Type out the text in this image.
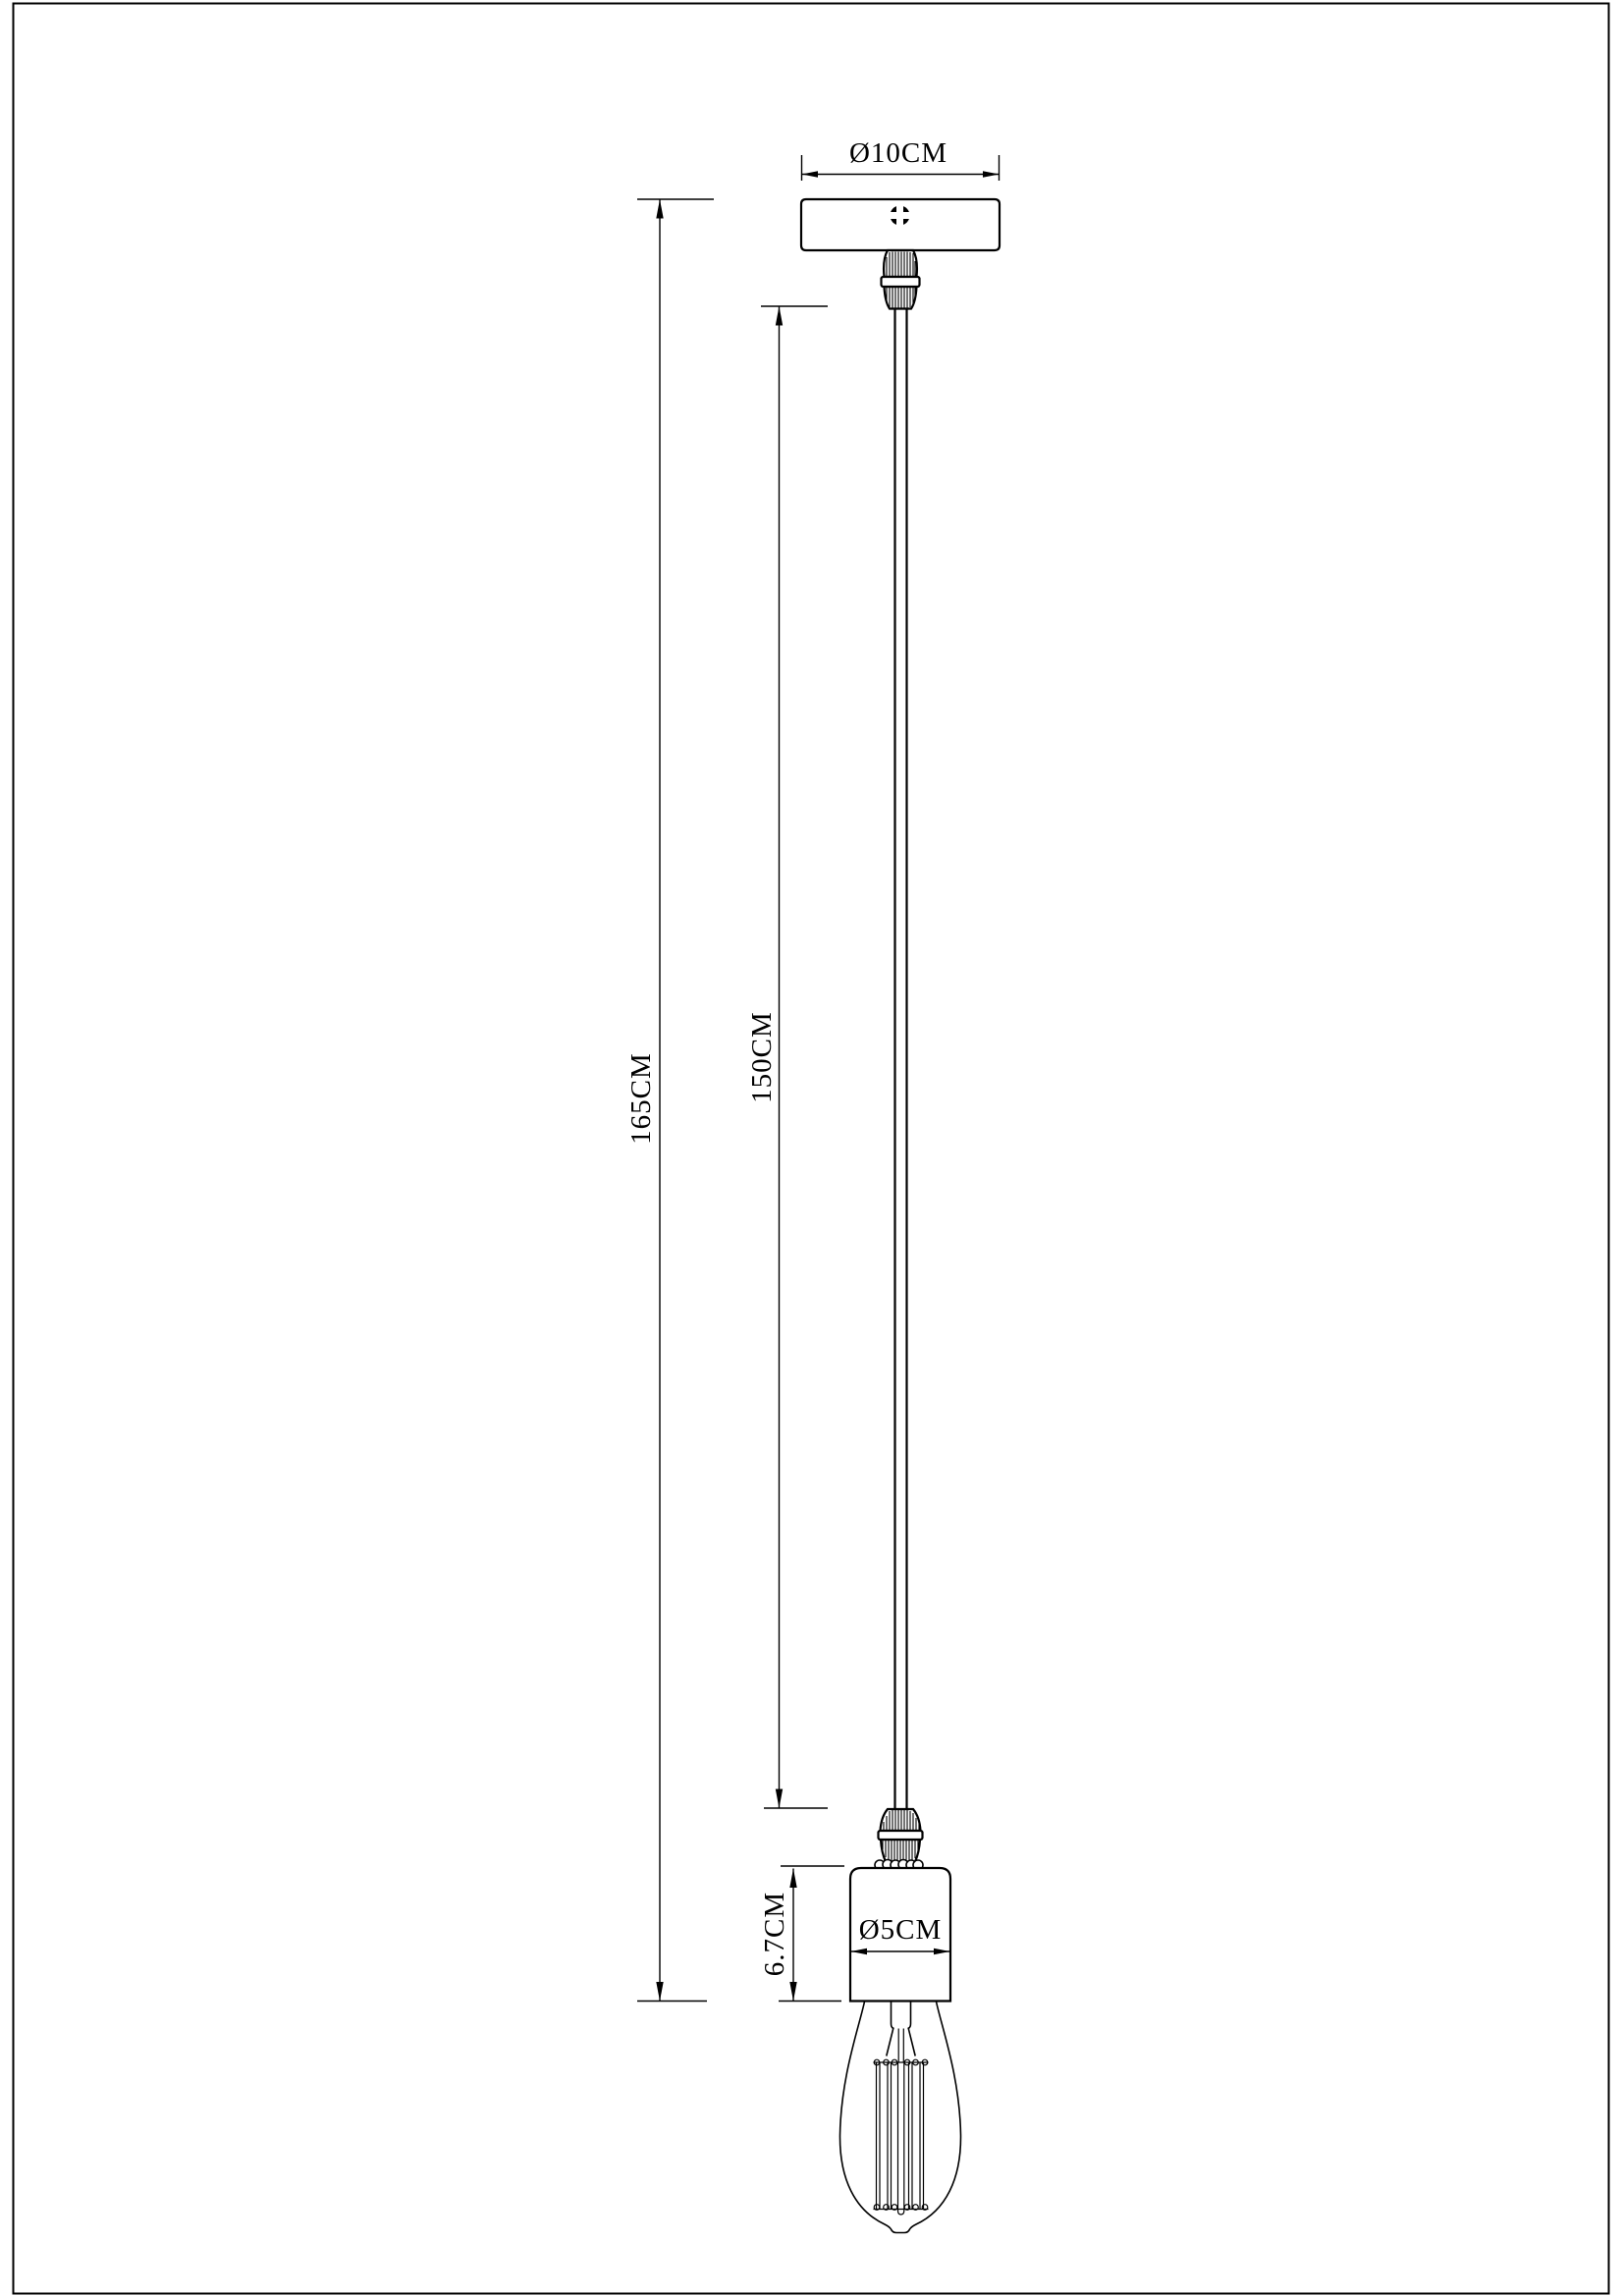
Ø10CM
165CM	150CM
6.7CM Ø5CM
